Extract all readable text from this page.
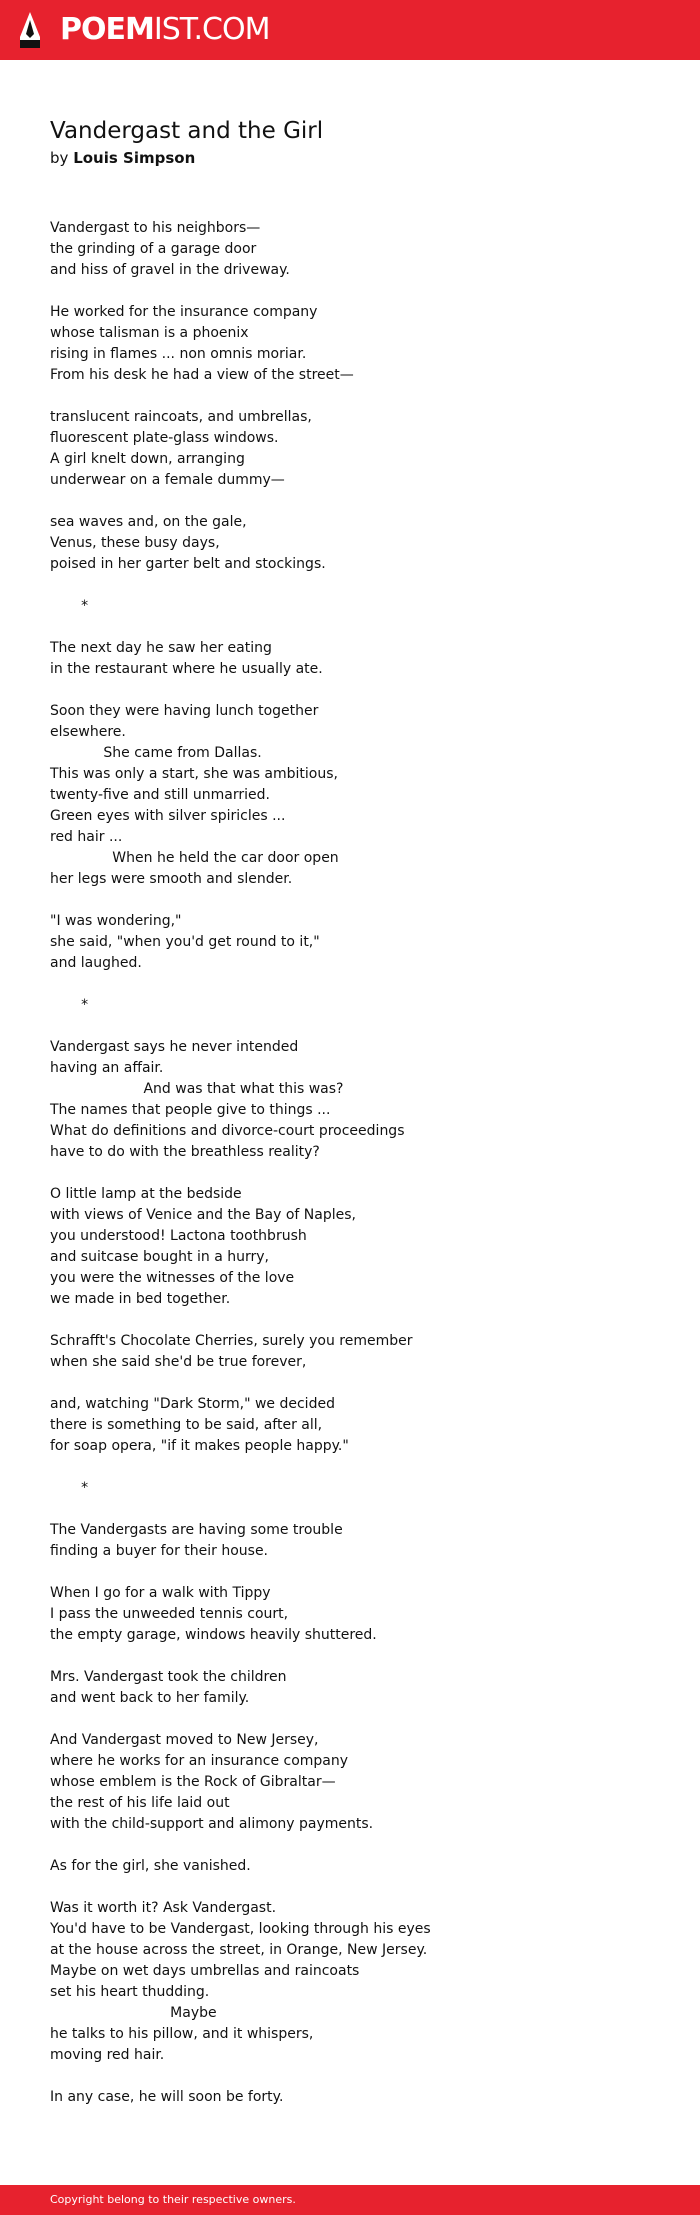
POEMIST.COM
Vandergast and the Girl
by Louis Simpson
Vandergast to his neighbors—
the grinding of a garage door
and hiss of gravel in the driveway.
He worked for the insurance company
whose talisman is a phoenix
rising in flames ... non omnis moriar.
From his desk he had a view of the street—
translucent raincoats, and umbrellas,
fluorescent plate-glass windows.
A girl knelt down, arranging
underwear on a female dummy—
sea waves and, on the gale,
Venus, these busy days,
poised in her garter belt and stockings.
*
The next day he saw her eating
in the restaurant where he usually ate.
Soon they were having lunch together
elsewhere.
She came from Dallas.
This was only a start, she was ambitious,
twenty-five and still unmarried.
Green eyes with silver spiricles ...
red hair ...
When he held the car door open
her legs were smooth and slender.
"I was wondering,"
she said, "when you'd get round to it,"
and laughed.
*
Vandergast says he never intended
having an affair.
And was that what this was?
The names that people give to things ...
What do definitions and divorce-court proceedings
have to do with the breathless reality?
O little lamp at the bedside
with views of Venice and the Bay of Naples,
you understood! Lactona toothbrush
and suitcase bought in a hurry,
you were the witnesses of the love
we made in bed together.
Schrafft's Chocolate Cherries, surely you remember
when she said she'd be true forever,
and, watching "Dark Storm," we decided
there is something to be said, after all,
for soap opera, "if it makes people happy."
*
The Vandergasts are having some trouble
finding a buyer for their house.
When I go for a walk with Tippy
I pass the unweeded tennis court,
the empty garage, windows heavily shuttered.
Mrs. Vandergast took the children
and went back to her family.
And Vandergast moved to New Jersey,
where he works for an insurance company
whose emblem is the Rock of Gibraltar—
the rest of his life laid out
with the child-support and alimony payments.
As for the girl, she vanished.
Was it worth it? Ask Vandergast.
You'd have to be Vandergast, looking through his eyes
at the house across the street, in Orange, New Jersey.
Maybe on wet days umbrellas and raincoats
set his heart thudding.
Maybe
he talks to his pillow, and it whispers,
moving red hair.
In any case, he will soon be forty.
Copyright belong to their respective owners.
